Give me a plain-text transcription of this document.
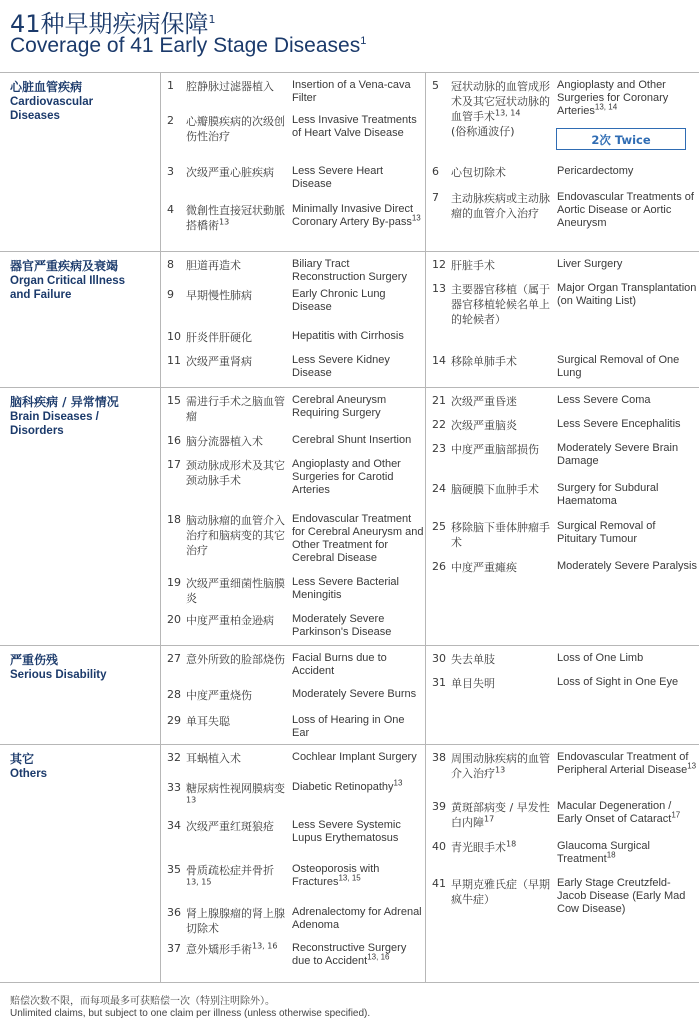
41种早期疾病保障$^1$
Coverage of 41 Early Stage Diseases$^1$
心脏血管疾病
Cardiovascular
Diseases
1 腔静脉过滤器植入	Insertion of a Vena-cava Filter
2 心瓣膜疾病的次级创伤性治疗
Less Invasive Treatments of Heart Valve Disease
3 次级严重心脏疾病	Less Severe Heart Disease
4 微創性直接冠状動脈搭橋術$^{13}$
Minimally Invasive Direct Coronary Artery By-pass$^{13}$
5 冠状动脉的血管成形术及其它冠状动脉的血管手术$^{13, 14}$
(俗称通波仔)
Angioplasty and Other Surgeries for Coronary Arteries$^{13, 14}$
6 心包切除术	Pericardectomy
7 主动脉疾病或主动脉瘤的血管介入治疗
Endovascular Treatments of Aortic Disease or Aortic Aneurysm
2次 Twice
器官严重疾病及衰竭
Organ Critical Illness
and Failure
8 胆道再造术	Biliary Tract Reconstruction Surgery
9 早期慢性肺病	Early Chronic Lung Disease
10 肝炎伴肝硬化	Hepatitis with Cirrhosis
11 次级严重肾病	Less Severe Kidney Disease
12 肝脏手术	Liver Surgery
13 主要器官移植（属于器官移植轮候名单上的轮候者）
Major Organ Transplantation (on Waiting List)
14 移除单肺手术	Surgical Removal of One Lung
脑科疾病 / 异常情况
Brain Diseases /
Disorders
15 需进行手术之脑血管瘤
Cerebral Aneurysm Requiring Surgery
16 脑分流器植入术	Cerebral Shunt Insertion
17 颈动脉成形术及其它颈动脉手术
Angioplasty and Other Surgeries for Carotid Arteries
18 脑动脉瘤的血管介入治疗和脑病变的其它治疗
Endovascular Treatment for Cerebral Aneurysm and Other Treatment for Cerebral Disease
19 次级严重细菌性脑膜炎
Less Severe Bacterial Meningitis
20 中度严重柏金逊病	Moderately Severe Parkinson's Disease
21 次级严重昏迷	Less Severe Coma
22 次级严重脑炎	Less Severe Encephalitis
23 中度严重脑部损伤	Moderately Severe Brain Damage
24 脑硬膜下血肿手术	Surgery for Subdural Haematoma
25 移除脑下垂体肿瘤手术
Surgical Removal of Pituitary Tumour
26 中度严重瘫痪	Moderately Severe Paralysis
严重伤残
Serious Disability
27 意外所致的脸部烧伤 Facial Burns due to Accident
28 中度严重烧伤	Moderately Severe Burns
29 单耳失聪	Loss of Hearing in One Ear
30 失去单肢	Loss of One Limb
31 单目失明	Loss of Sight in One Eye
其它
Others
32 耳蜗植入术	Cochlear Implant Surgery
33 糖尿病性视网膜病变$^{13}$
Diabetic Retinopathy$^{13}$
34 次级严重红斑狼疮	Less Severe Systemic Lupus Erythematosus
35 骨质疏松症并骨折$^{13, 15}$
Osteoporosis with Fractures$^{13, 15}$
36 肾上腺腺瘤的肾上腺切除术
Adrenalectomy for Adrenal Adenoma
37 意外矯形手術$^{13, 16}$	Reconstructive Surgery due to Accident$^{13, 16}$
38 周围动脉疾病的血管介入治疗$^{13}$
Endovascular Treatment of Peripheral Arterial Disease$^{13}$
39 黄斑部病变 / 早发性白内障$^{17}$
Macular Degeneration / Early Onset of Cataract$^{17}$
40 青光眼手术$^{18}$	Glaucoma Surgical Treatment$^{18}$
41 早期克雅氏症（早期疯牛症）
Early Stage Creutzfeld-Jacob Disease (Early Mad Cow Disease)
赔偿次数不限，而每项最多可获赔偿一次（特别注明除外）。
Unlimited claims, but subject to one claim per illness (unless otherwise specified).
